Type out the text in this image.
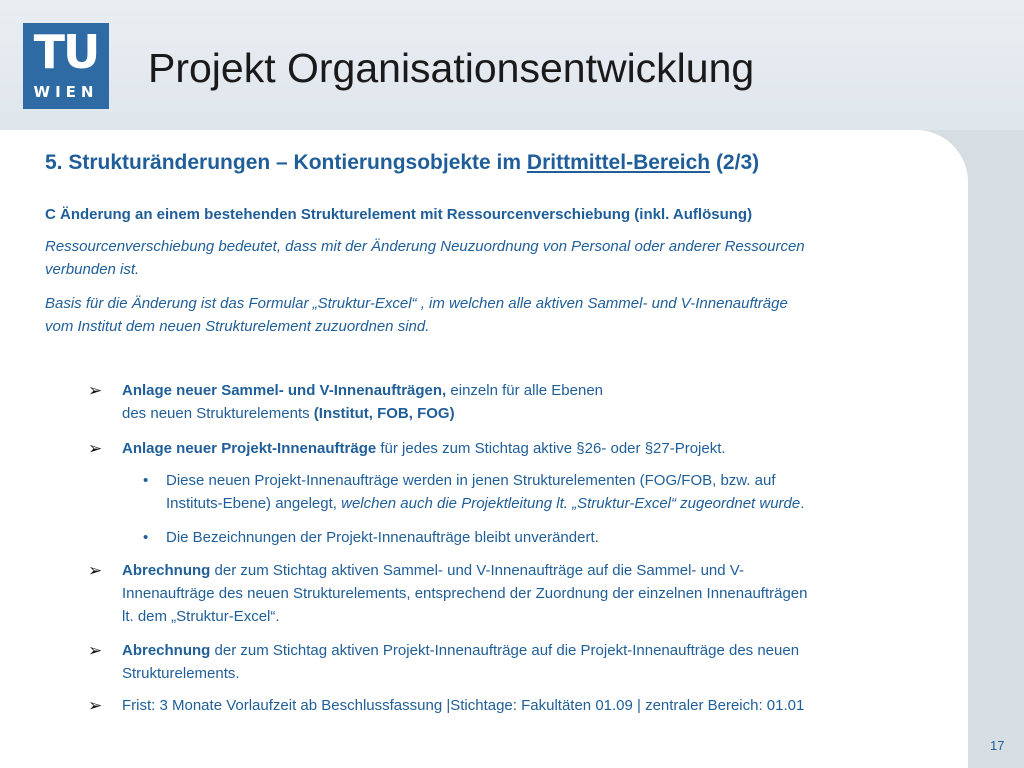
TU
WIEN
Projekt Organisationsentwicklung
5. Strukturänderungen – Kontierungsobjekte im Drittmittel-Bereich (2/3)
C Änderung an einem bestehenden Strukturelement mit Ressourcenverschiebung (inkl. Auflösung)
Ressourcenverschiebung bedeutet, dass mit der Änderung Neuzuordnung von Personal oder anderer Ressourcen
verbunden ist.
Basis für die Änderung ist das Formular „Struktur-Excel“ , im welchen alle aktiven Sammel- und V-Innenaufträge
vom Institut dem neuen Strukturelement zuzuordnen sind.
➢	Anlage neuer Sammel- und V-Innenaufträgen, einzeln für alle Ebenen
des neuen Strukturelements (Institut, FOB, FOG)
➢	Anlage neuer Projekt-Innenaufträge für jedes zum Stichtag aktive §26- oder §27-Projekt.
•	Diese neuen Projekt-Innenaufträge werden in jenen Strukturelementen (FOG/FOB, bzw. auf
Instituts-Ebene) angelegt, welchen auch die Projektleitung lt. „Struktur-Excel“ zugeordnet wurde.
•	Die Bezeichnungen der Projekt-Innenaufträge bleibt unverändert.
➢	Abrechnung der zum Stichtag aktiven Sammel- und V-Innenaufträge auf die Sammel- und V-
Innenaufträge des neuen Strukturelements, entsprechend der Zuordnung der einzelnen Innenaufträgen
lt. dem „Struktur-Excel“.
➢	Abrechnung der zum Stichtag aktiven Projekt-Innenaufträge auf die Projekt-Innenaufträge des neuen
Strukturelements.
➢	Frist: 3 Monate Vorlaufzeit ab Beschlussfassung |Stichtage: Fakultäten 01.09 | zentraler Bereich: 01.01
17
